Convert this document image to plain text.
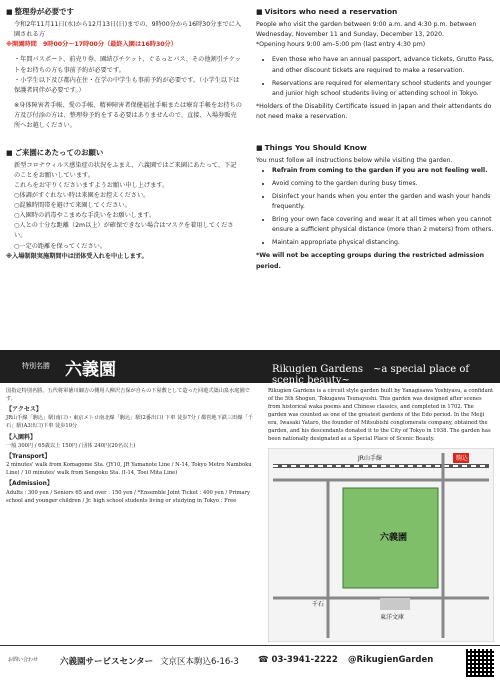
■ 整理券が必要です
令和2年11月11日(水)から12月13日(日)までの、9時00分から16時30分までに入園される方
※開園時間　9時00分～17時00分（最終入園は16時30分）
・年間パスポート、前売り券、園結びチケット、ぐるっとパス、その他割引チケットをお持ちの方も事前予約が必要です。
・小学生以下及び都内在住・在学の中学生も事前予約が必要です。（小学生以下は保護者同伴が必要です。）
※身体障害者手帳、愛の手帳、精神障害者保健福祉手帳または療育手帳をお持ちの方及び付添の方は、整理券予約をする必要はありませんので、直接、入場券販売所へお越しください。
■ ご来園にあたってのお願い
新型コロナウィルス感染症の状況をふまえ、六義園ではご来園にあたって、下記のことをお願いしています。
これらをお守りくださいますようお願い申し上げます。
○体調がすぐれない時は来園をお控えください。
○混雑時間帯を避けて来園してください。
○入園時の消毒やこまめな手洗いをお願いします。
○人との十分な距離（2m以上）が確保できない場合はマスクを着用してください。
○一定の距離を保ってください。
※入場制限実施期間中は団体受入れを中止します。
■ Visitors who need a reservation
People who visit the garden between 9:00 a.m. and 4:30 p.m. between Wednesday, November 11 and Sunday, December 13, 2020.
*Opening hours 9:00 am–5:00 pm (last entry 4:30 pm)
• Even those who have an annual passport, advance tickets, Grutto Pass, and other discount tickets are required to make a reservation.
• Reservations are required for elementary school students and younger and junior high school students living or attending school in Tokyo.
*Holders of the Disability Certificate issued in Japan and their attendants do not need make a reservation.
■ Things You Should Know
You must follow all instructions below while visiting the garden.
• Refrain from coming to the garden if you are not feeling well.
• Avoid coming to the garden during busy times.
• Disinfect your hands when you enter the garden and wash your hands frequently.
• Bring your own face covering and wear it at all times when you cannot ensure a sufficient physical distance (more than 2 meters) from others.
• Maintain appropriate physical distancing.
*We will not be accepting groups during the restricted admission period.
特別名勝 六義園	Rikugien Gardens　~a special place of scenic beauty~
国指定特別名勝。五代将軍徳川綱吉の側用人柳沢吉保が自らの下屋敷として造った回遊式築山泉水庭園です。
【アクセス】
JR山手線「駒込」駅(南口)・東京メトロ南北線「駒込」駅(2番出口) 下車 徒歩7分 / 都営地下鉄三田線「千石」駅(A3出口)下車 徒歩10分
【入園料】
一般 300円 / 65歳以上 150円 / 団体 240円(20名以上)
【Transport】
2 minutes' walk from Komagome Sta. (JY10, JR Yamanote Line / N-14, Tokyo Metro Namboku Line) / 10 minutes' walk from Sengoku Sta. (I-14, Toei Mita Line)
【Admission】
Adults : 300 yen / Seniors 65 and over : 150 yen / *Ensemble Joint Ticket : 400 yen / Primary school and younger children / Jr. high school students living or studying in Tokyo : Free
Rikugien Gardens is a circuit style garden built by Yanagisawa Yoshiyasu, a confidant of the 5th Shogun, Tokugawa Tsunayoshi. This garden was designed after scenes from historical waka poems and Chinese classics, and completed in 1702. The garden was counted as one of the greatest gardens of the Edo period. In the Meiji era, Iwasaki Yataro, the founder of Mitsubishi conglomerate company, obtained the garden, and his descendants donated it to the City of Tokyo in 1938. The garden has been nationally designated as a Special Place of Scenic Beauty.
駒込
JR山手線
六義園
東洋文庫
千石
お問い合わせ	六義園サービスセンター 文京区本駒込6-16-3 ☎ 03-3941-2222 @RikugienGarden
